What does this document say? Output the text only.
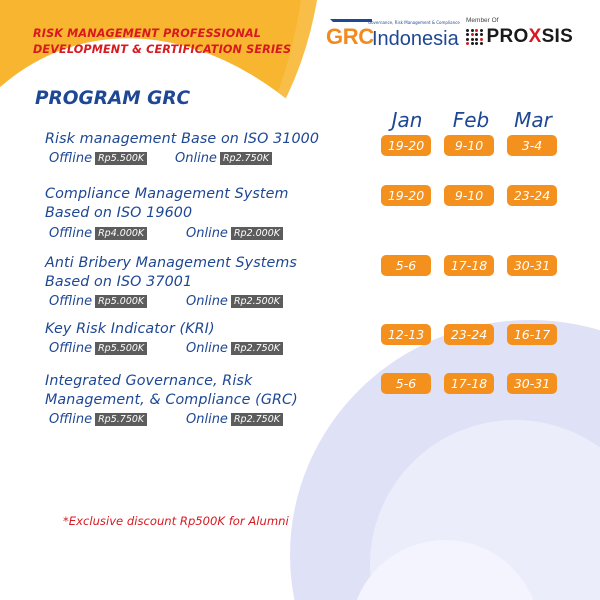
RISK MANAGEMENT PROFESSIONAL
DEVELOPMENT & CERTIFICATION SERIES
GRC
Indonesia
Governance, Risk Management & Compliance Member Of
PROXSIS
PROGRAM GRC
Jan	Feb	Mar
Risk management Base on ISO 31000
Offline Rp5.500K Online Rp2.750K
19-20	9-10	3-4
Compliance Management System
Based on ISO 19600
Offline Rp4.000K	Online Rp2.000K
19-20	9-10	23-24
Anti Bribery Management Systems
Based on ISO 37001
Offline Rp5.000K	Online Rp2.500K
5-6	17-18	30-31
Key Risk Indicator (KRI)
Offline Rp5.500K	Online Rp2.750K
12-13	23-24	16-17
Integrated Governance, Risk
Management, & Compliance (GRC)
Offline Rp5.750K	Online Rp2.750K
5-6	17-18	30-31
*Exclusive discount Rp500K for Alumni
